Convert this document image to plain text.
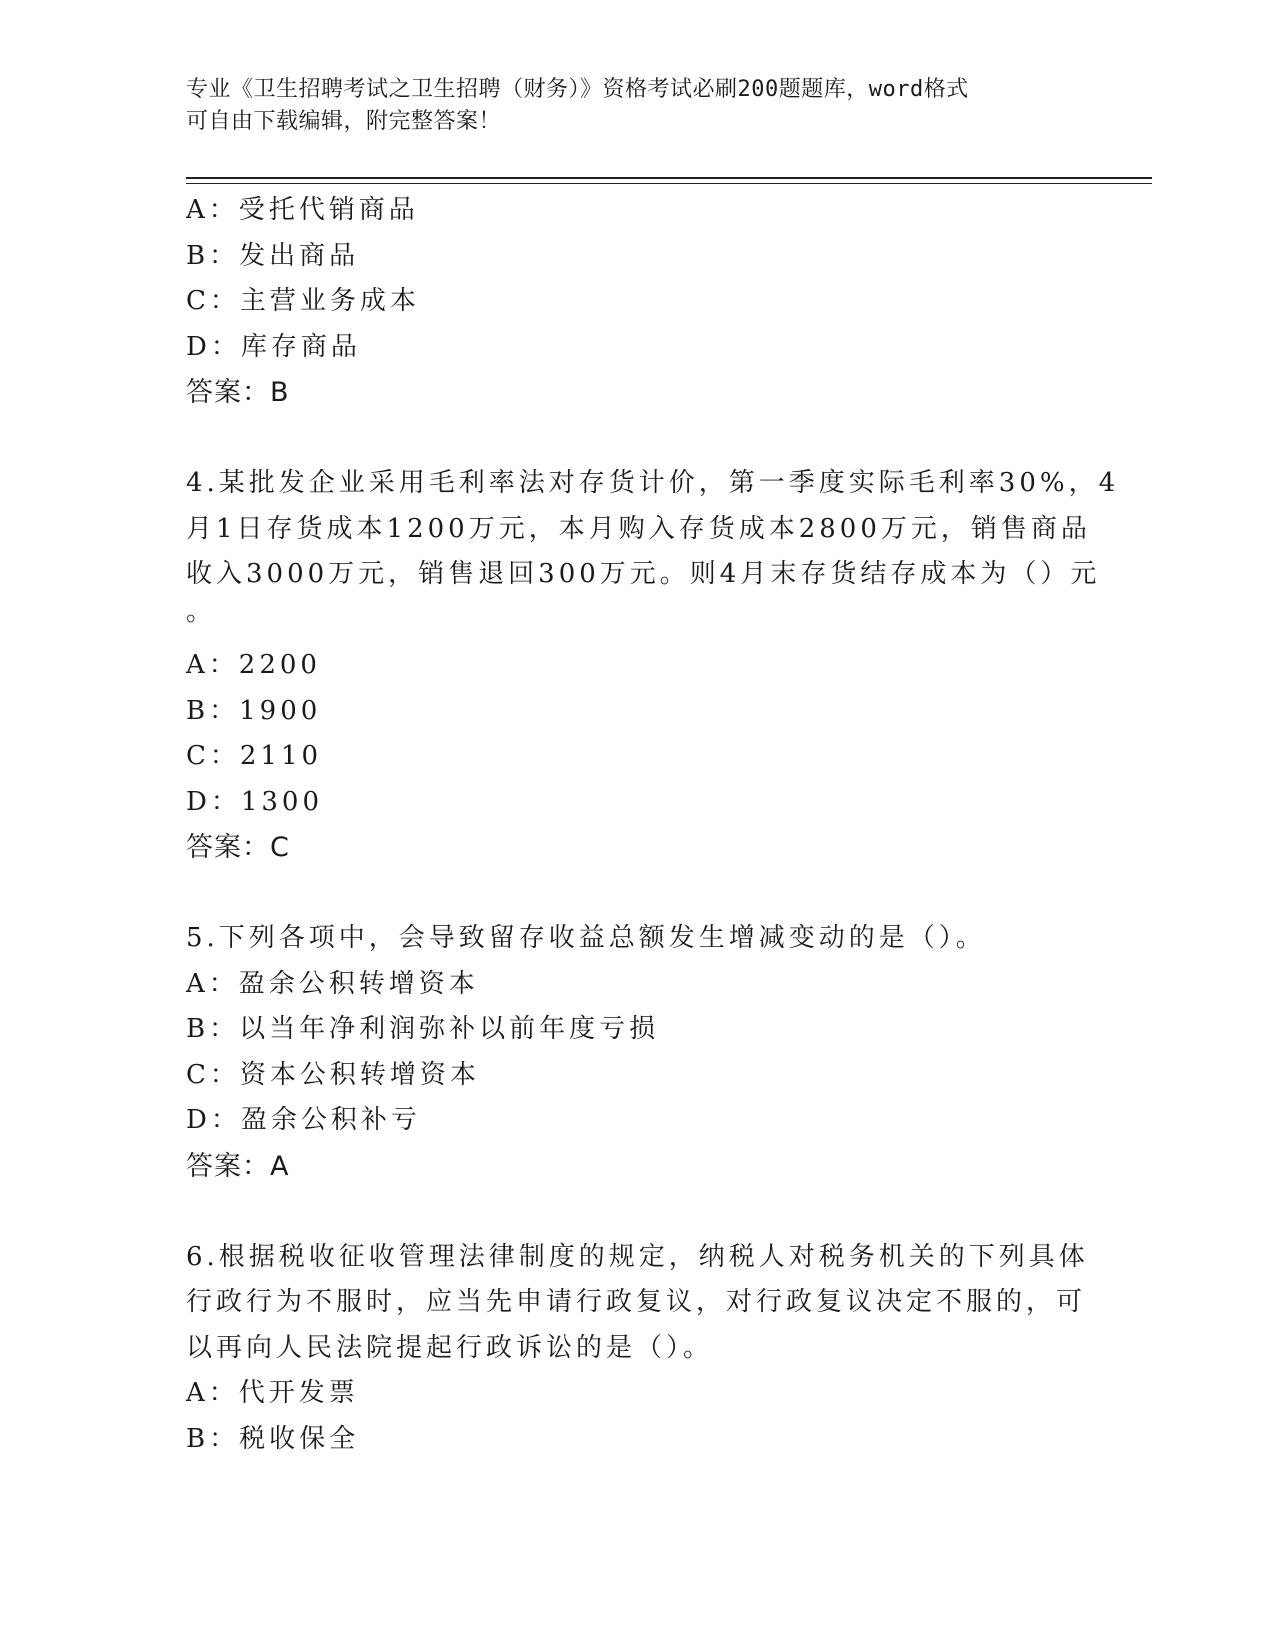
专业《卫生招聘考试之卫生招聘（财务）》资格考试必刷200题题库，word格式
可自由下载编辑，附完整答案！
A：受托代销商品
B：发出商品
C：主营业务成本
D：库存商品
答案：B
4.某批发企业采用毛利率法对存货计价，第一季度实际毛利率30%，4
月1日存货成本1200万元，本月购入存货成本2800万元，销售商品
收入3000万元，销售退回300万元。则4月末存货结存成本为（）元
。
A：2200
B：1900
C：2110
D：1300
答案：C
5.下列各项中，会导致留存收益总额发生增减变动的是（）。
A：盈余公积转增资本
B：以当年净利润弥补以前年度亏损
C：资本公积转增资本
D：盈余公积补亏
答案：A
6.根据税收征收管理法律制度的规定，纳税人对税务机关的下列具体
行政行为不服时，应当先申请行政复议，对行政复议决定不服的，可
以再向人民法院提起行政诉讼的是（）。
A：代开发票
B：税收保全
